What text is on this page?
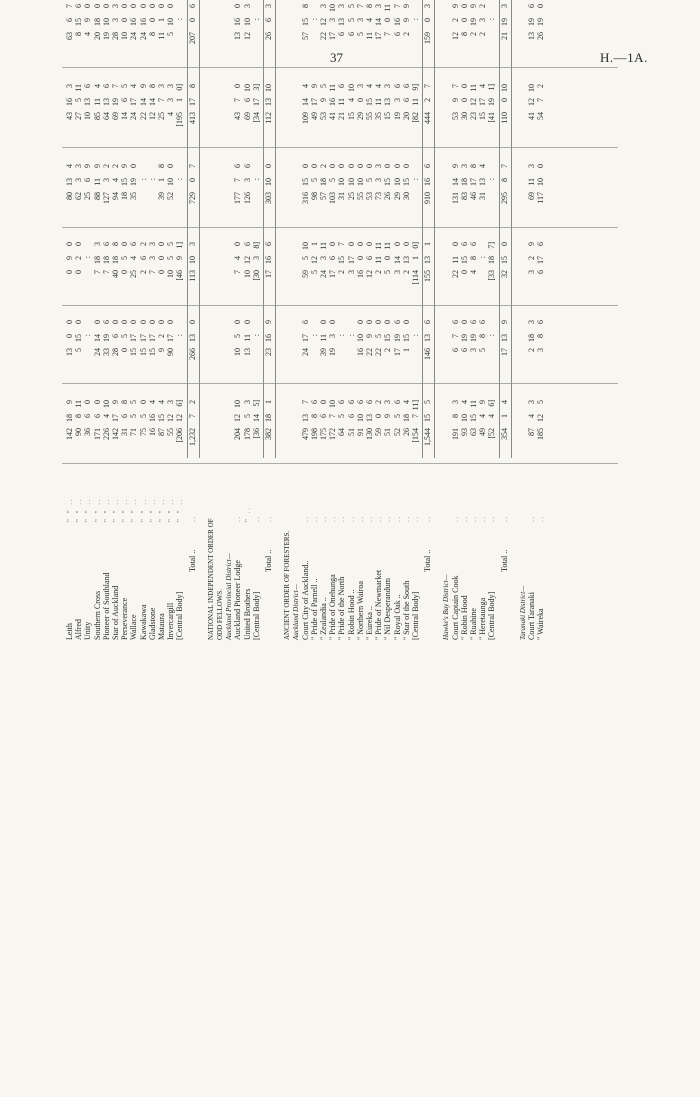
37	H.—1A.
Leith
" " ..
142189
1300
090
80134
43163
6367
Alfred
" " ..
90811
5150
020
6233
27511
8156
Unity
" " ..
3660
:
:
2569
10136
490
Southern Cross
" " ..
17160
24140
7183
88119
85114
20180
Pioneer of Southland
" " ..
226410
33196
7186
12732
64136
19100
Star of Auckland
" " ..
142179
2860
40188
9442
69197
2833
Perseverance
" " ..
3168
050
050
18159
1465
1000
Wallace
" " ..
7155
15170
2546
35190
24174
24160
Kawakawa
" " ..
7550
15170
262
:
22149
24160
Gladstone
" " ..
16164
15170
733
:
12148
800
Mataura
" " ..
87154
920
000
3918
2573
1110
Invercargill
" " ..
55123
90170
1055
52100
433
5100
[Central Body]
" " ..
[206126]
:
[4691]
:
[19510]
:
Total ..
..
1,23272
266130
113103
72907
413178
20706
NATIONAL INDEPENDENT ORDER OF ODD FELLOWS. Auckland Provincial District— Auckland Pioneer Lodge
..
2041210
1050
740
17776
4370
13160
United Brothers
" ..
17853
13110
10126
12636
69610
12103
[Central Body]
..
[36145]
:
[3038]
:
[34173]
:
Total ..
..
382181
23169
17166
303100
1121310
2663
ANCIENT ORDER OF FORESTERS. Auckland District— Court City of Auckland..
..
479137
24176
59510
316150
109144
57158
" Pride of Parnell ..
..
19886
:
5121
9850
49179
:
" Zealandia ..
..
17560
39110
24311
57182
5395
22123
" Pride of Onehunga
..
172710
1930
1760
10350
411611
17310
" Pride of the North
..
6456
:
2157
31100
21116
6133
" Robin Hood ..
..
5166
:
3170
25100
15410
655
" Northern Wairoa
..
91106
16100
1600
55100
2903
537
" Eureka ..
..
130136
2290
1260
5350
55154
1148
" Pride of Newmarket
..
5902
2250
21111
7333
35114
17143
" Nil Desperandum
..
5193
2150
5011
26150
15133
7011
" Royal Oak ..
..
5256
17196
3140
29100
1936
6167
" Star of the South
..
26184
1150
2130
30150
2066
299
[Central Body]
..
[154711]
:
[11410]
:
[82119]
:
Total ..
..
1,544155
146136
155131
910166
44427
15903
Hawke's Bay District— Court Captain Cook
..
19183
676
22110
131149
5397
1229
" Robin Hood
..
93104
6190
0156
83183
3000
800
" Ruahine
..
631511
3196
486
46178
231211
2199
" Heretaunga
..
4949
586
:
31134
15174
232
[Central Body]
..
[5246]
:
[33187]
:
[41191]
:
Total ..
..
35414
17139
32150
29587
110010
21193
Taranaki District— Court Taranaki
..
8743
2183
329
69113
411210
13196
" Waireka
..
185125
386
6176
117100
5472
26190
